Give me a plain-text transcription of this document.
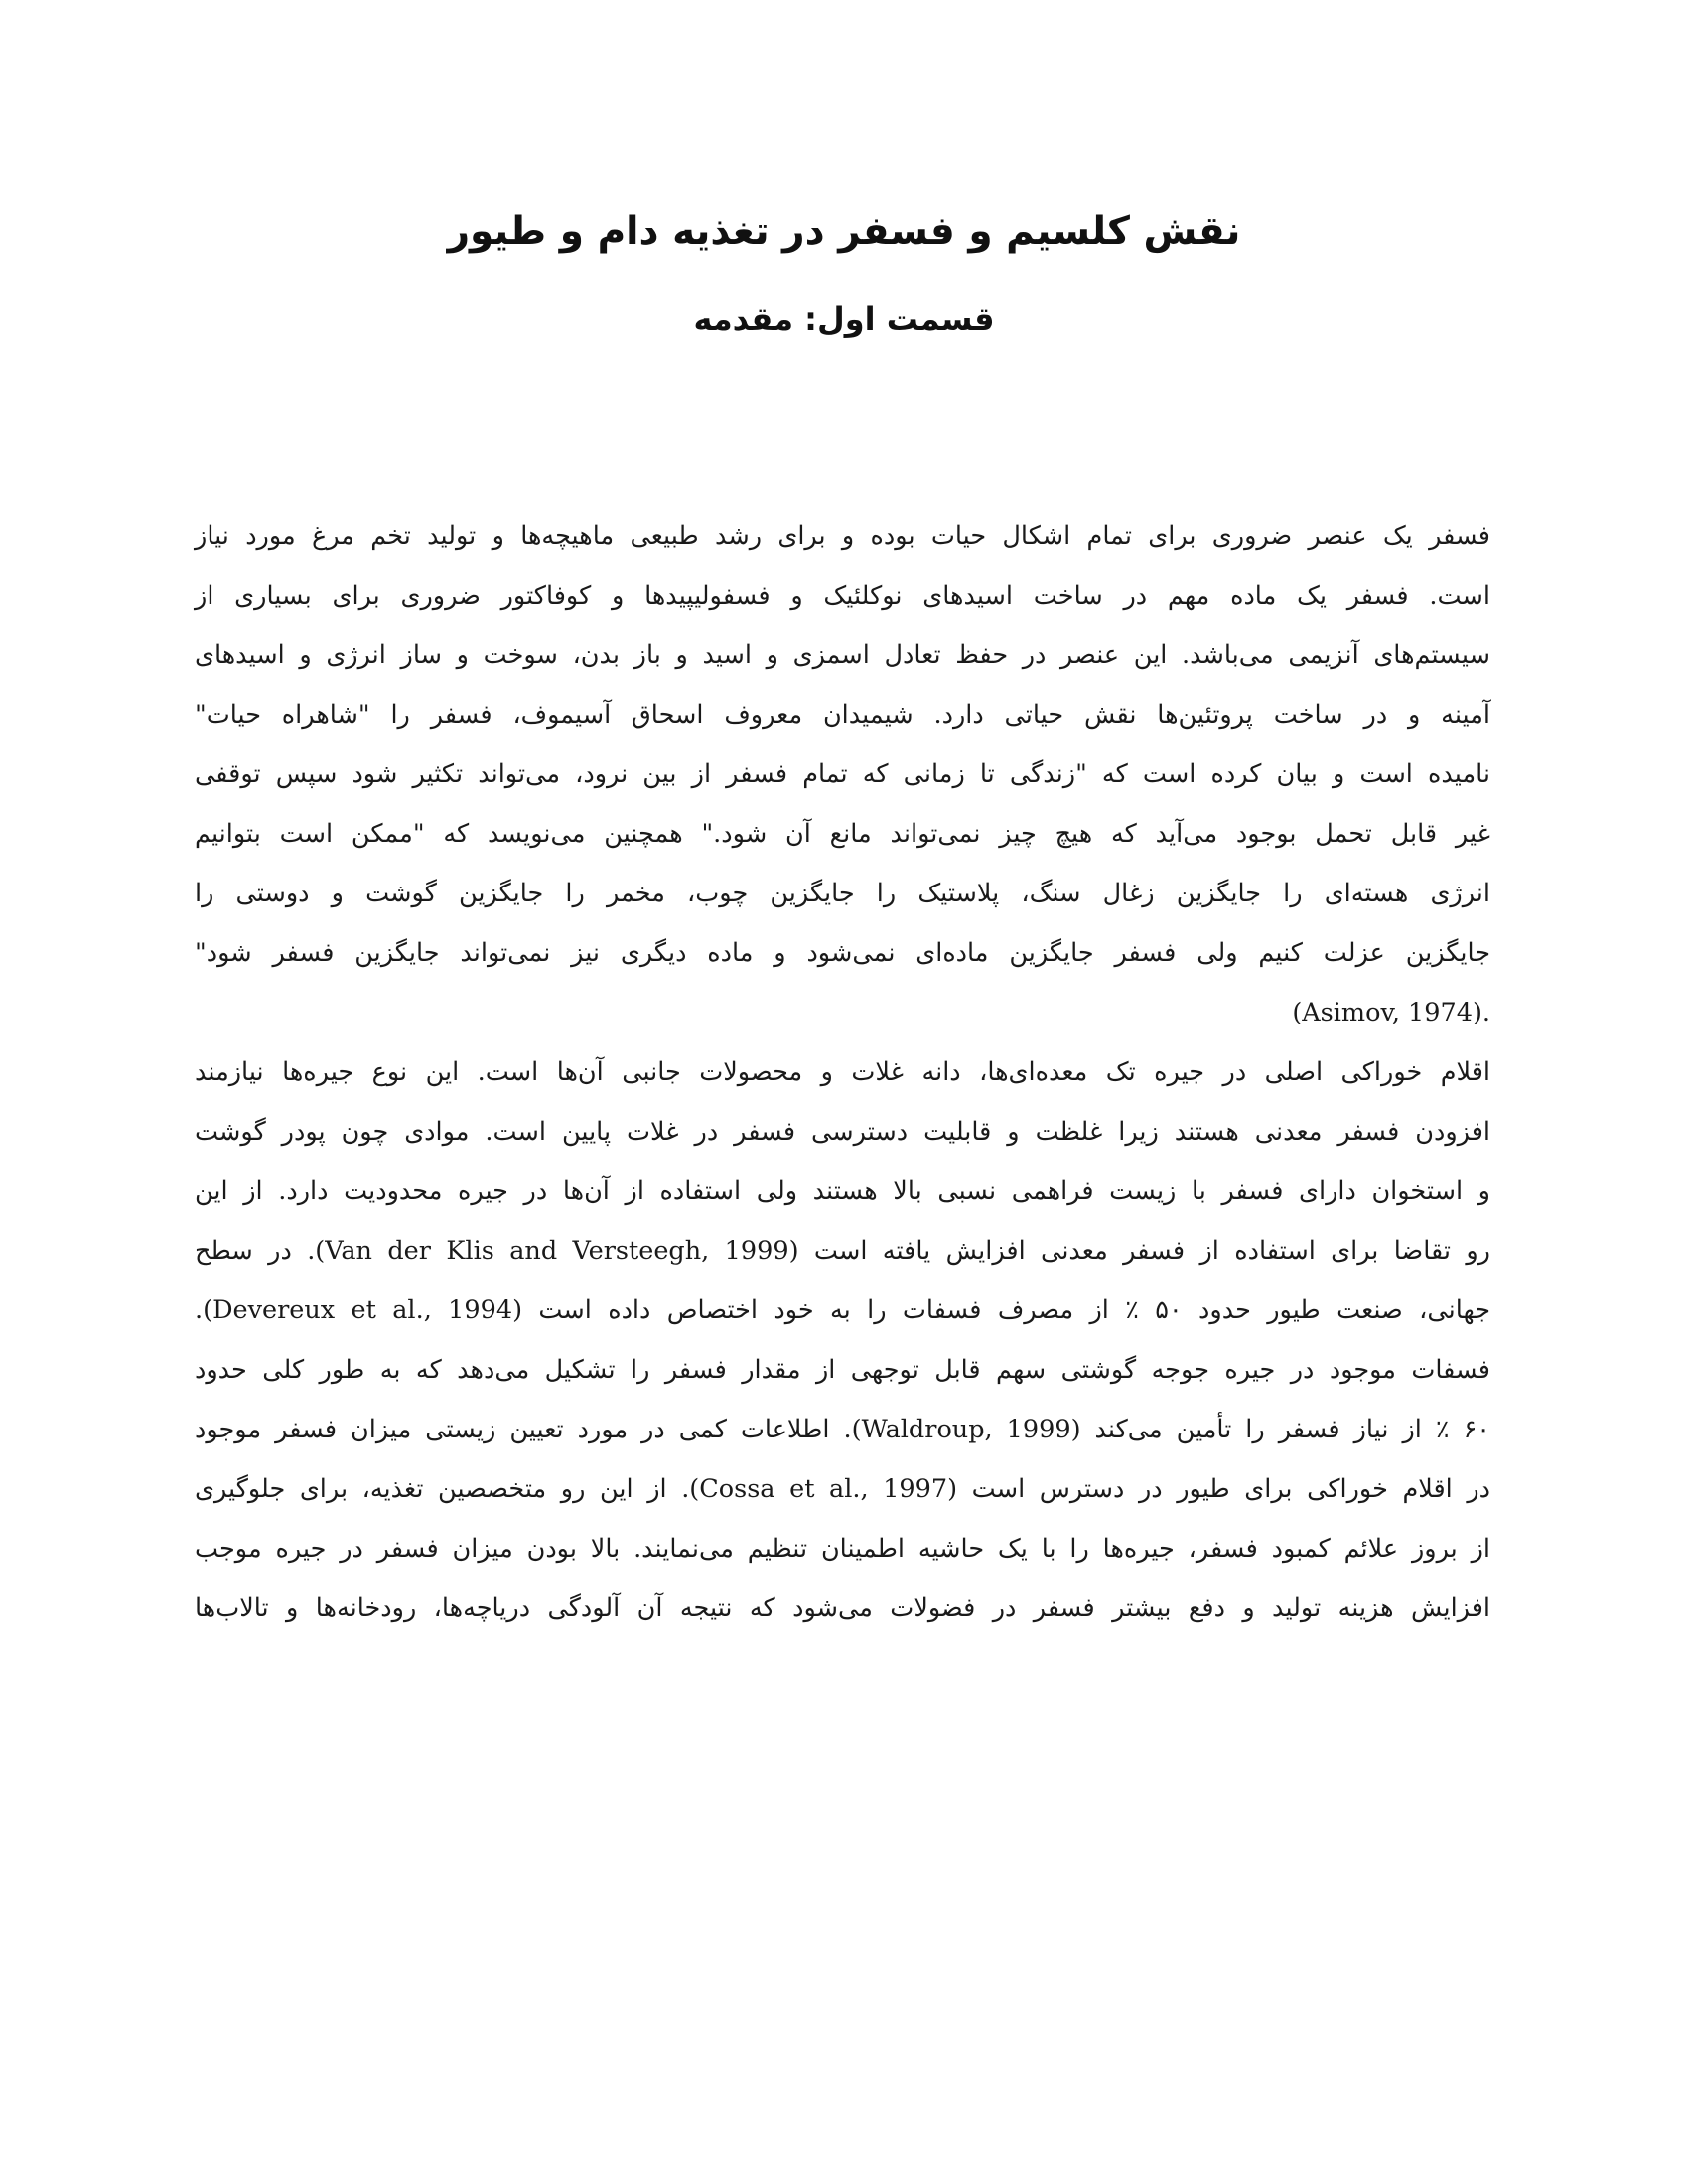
نقش کلسیم و فسفر در تغذیه دام و طیور
قسمت اول: مقدمه
فسفر یک عنصر ضروری برای تمام اشکال حیات بوده و برای رشد طبیعی ماهیچه‌ها و تولید تخم مرغ مورد نیاز
است. فسفر یک ماده مهم در ساخت اسیدهای نوکلئیک و فسفولیپیدها و کوفاکتور ضروری برای بسیاری از
سیستم‌های آنزیمی می‌باشد. این عنصر در حفظ تعادل اسمزی و اسید و باز بدن، سوخت و ساز انرژی و اسیدهای
آمینه و در ساخت پروتئین‌ها نقش حیاتی دارد. شیمیدان معروف اسحاق آسیموف، فسفر را "شاهراه حیات"
نامیده است و بیان کرده است که "زندگی تا زمانی که تمام فسفر از بین نرود، می‌تواند تکثیر شود سپس توقفی
غیر قابل تحمل بوجود می‌آید که هیچ چیز نمی‌تواند مانع آن شود." همچنین می‌نویسد که "ممکن است بتوانیم
انرژی هسته‌ای را جایگزین زغال سنگ، پلاستیک را جایگزین چوب، مخمر را جایگزین گوشت و دوستی را
جایگزین عزلت کنیم ولی فسفر جایگزین ماده‌ای نمی‌شود و ماده دیگری نیز نمی‌تواند جایگزین فسفر شود"
(Asimov, 1974).
اقلام خوراکی اصلی در جیره تک معده‌ای‌ها، دانه غلات و محصولات جانبی آن‌ها است. این نوع جیره‌ها نیازمند
افزودن فسفر معدنی هستند زیرا غلظت و قابلیت دسترسی فسفر در غلات پایین است. موادی چون پودر گوشت
و استخوان دارای فسفر با زیست فراهمی نسبی بالا هستند ولی استفاده از آن‌ها در جیره محدودیت دارد. از این
رو تقاضا برای استفاده از فسفر معدنی افزایش یافته است (Van der Klis and Versteegh, 1999). در سطح
جهانی، صنعت طیور حدود ۵۰ ٪ از مصرف فسفات را به خود اختصاص داده است (Devereux et al., 1994).
فسفات موجود در جیره جوجه گوشتی سهم قابل توجهی از مقدار فسفر را تشکیل می‌دهد که به طور کلی حدود
۶۰ ٪ از نیاز فسفر را تأمین می‌کند (Waldroup, 1999). اطلاعات کمی در مورد تعیین زیستی میزان فسفر موجود
در اقلام خوراکی برای طیور در دسترس است (Cossa et al., 1997). از این رو متخصصین تغذیه، برای جلوگیری
از بروز علائم کمبود فسفر، جیره‌ها را با یک حاشیه اطمینان تنظیم می‌نمایند. بالا بودن میزان فسفر در جیره موجب
افزایش هزینه تولید و دفع بیشتر فسفر در فضولات می‌شود که نتیجه آن آلودگی دریاچه‌ها، رودخانه‌ها و تالاب‌ها
